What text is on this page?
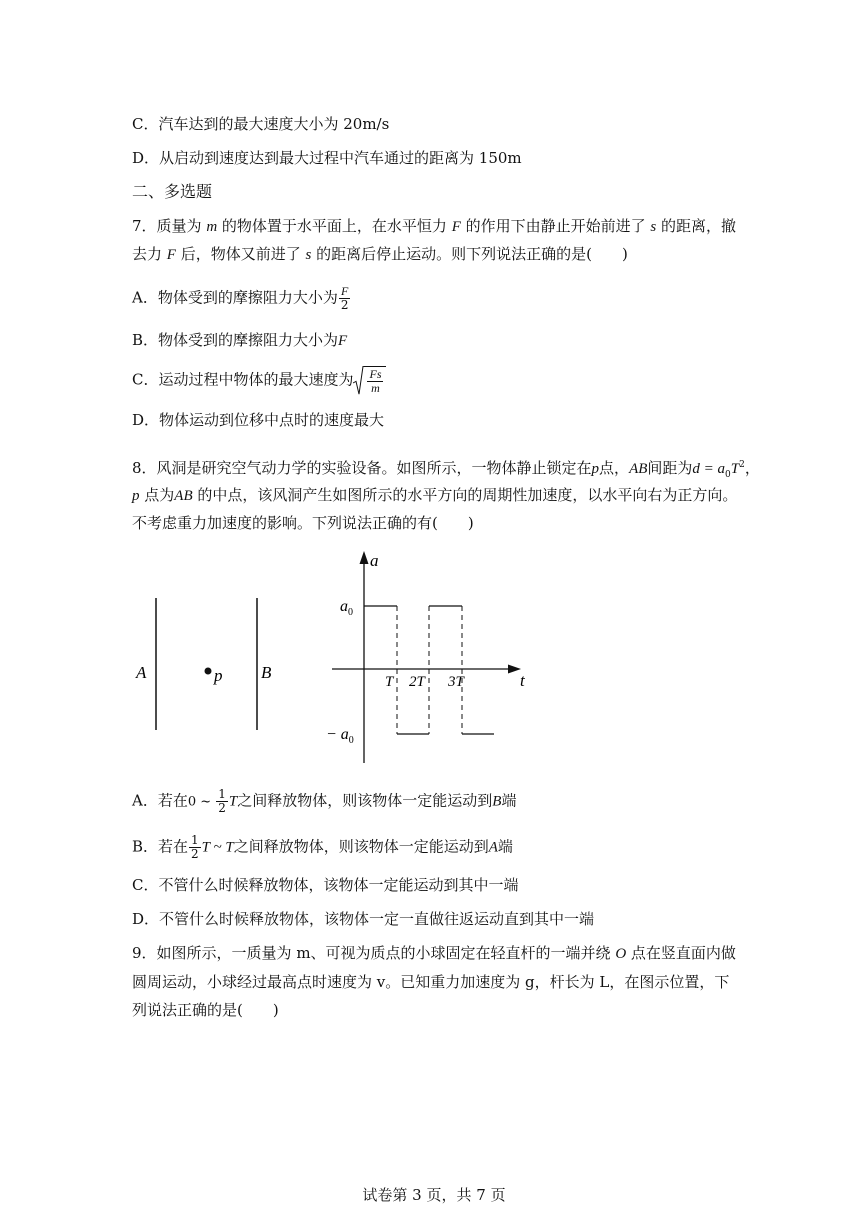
C．汽车达到的最大速度大小为 20m/s
D．从启动到速度达到最大过程中汽车通过的距离为 150m
二、多选题
7．质量为 m 的物体置于水平面上，在水平恒力 F 的作用下由静止开始前进了 s 的距离，撤
去力 F 后，物体又前进了 s 的距离后停止运动。则下列说法正确的是(　　)
A．物体受到的摩擦阻力大小为 $\frac{F}{2}$
B．物体受到的摩擦阻力大小为F
C．运动过程中物体的最大速度为 $\frac{Fs}{m}$
D．物体运动到位移中点时的速度最大
8．风洞是研究空气动力学的实验设备。如图所示，一物体静止锁定在p点，AB间距为$d = a_0T^2$，
p 点为AB 的中点，该风洞产生如图所示的水平方向的周期性加速度，以水平向右为正方向。
不考虑重力加速度的影响。下列说法正确的有(　　)
A	B
p
a
t
$a_0$
− $a_0$
T 2T 3T
A．若在0 ~ $\frac{1}{2}$ T之间释放物体，则该物体一定能运动到B端
B．若在 $\frac{1}{2}$ T ~ T之间释放物体，则该物体一定能运动到A端
C．不管什么时候释放物体，该物体一定能运动到其中一端
D．不管什么时候释放物体，该物体一定一直做往返运动直到其中一端
9．如图所示，一质量为 m、可视为质点的小球固定在轻直杆的一端并绕 O 点在竖直面内做
圆周运动，小球经过最高点时速度为 v。已知重力加速度为 g，杆长为 L，在图示位置，下
列说法正确的是(　　)
试卷第 3 页，共 7 页
